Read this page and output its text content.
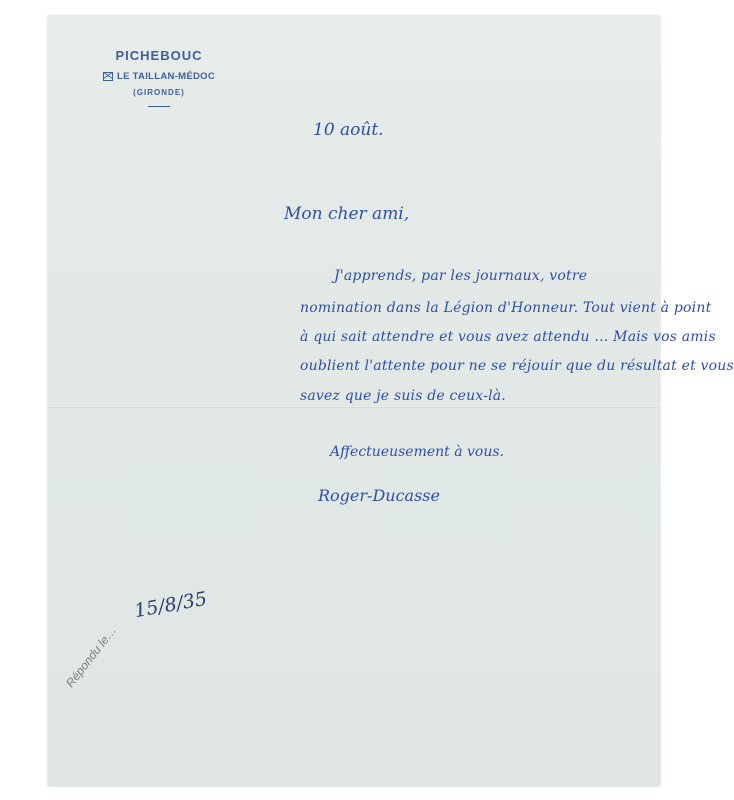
PICHEBOUC
LE TAILLAN-MÉDOC
(GIRONDE)
10 août.
Mon cher ami,
J'apprends, par les journaux, votre
nomination dans la Légion d'Honneur. Tout vient à point
à qui sait attendre et vous avez attendu … Mais vos amis
oublient l'attente pour ne se réjouir que du résultat et vous
savez que je suis de ceux-là.
Affectueusement à vous.
Roger-Ducasse
Répondu le…
15/8/35
